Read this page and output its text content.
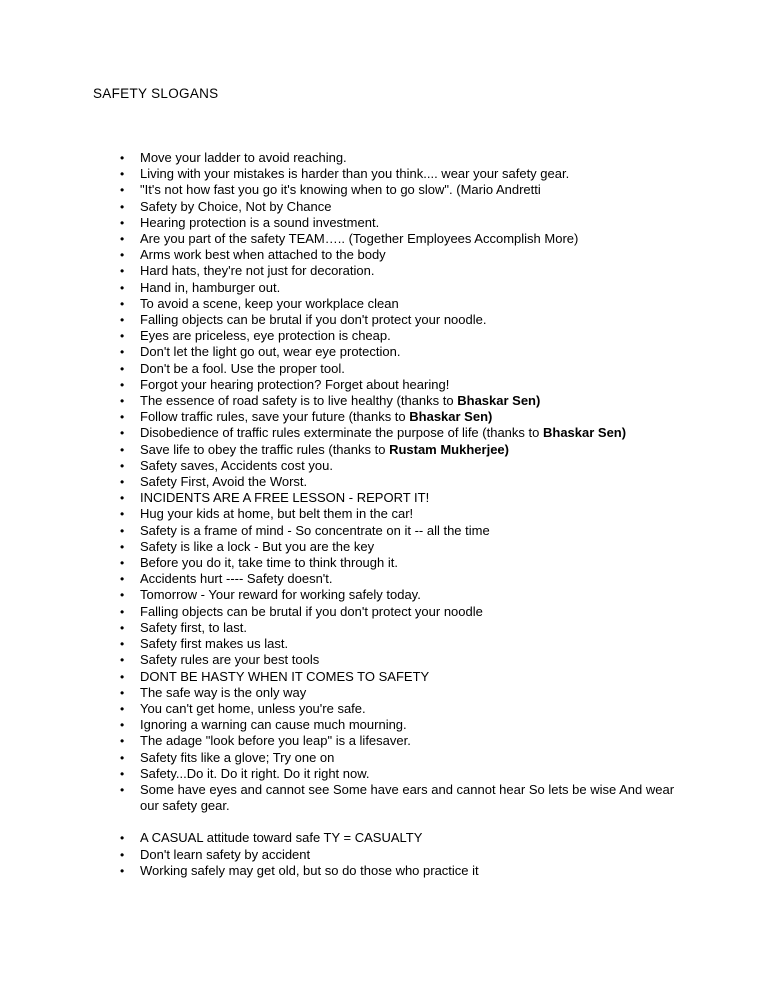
SAFETY SLOGANS
• Move your ladder to avoid reaching.
• Living with your mistakes is harder than you think.... wear your safety gear.
• "It's not how fast you go it's knowing when to go slow". (Mario Andretti
• Safety by Choice, Not by Chance
• Hearing protection is a sound investment.
• Are you part of the safety TEAM….. (Together Employees Accomplish More)
• Arms work best when attached to the body
• Hard hats, they're not just for decoration.
• Hand in, hamburger out.
• To avoid a scene, keep your workplace clean
• Falling objects can be brutal if you don't protect your noodle.
• Eyes are priceless, eye protection is cheap.
• Don't let the light go out, wear eye protection.
• Don't be a fool. Use the proper tool.
• Forgot your hearing protection? Forget about hearing!
• The essence of road safety is to live healthy (thanks to Bhaskar Sen)
• Follow traffic rules, save your future (thanks to Bhaskar Sen)
• Disobedience of traffic rules exterminate the purpose of life (thanks to Bhaskar Sen)
• Save life to obey the traffic rules (thanks to Rustam Mukherjee)
• Safety saves, Accidents cost you.
• Safety First, Avoid the Worst.
• INCIDENTS ARE A FREE LESSON - REPORT IT!
• Hug your kids at home, but belt them in the car!
• Safety is a frame of mind - So concentrate on it -- all the time
• Safety is like a lock - But you are the key
• Before you do it, take time to think through it.
• Accidents hurt ---- Safety doesn't.
• Tomorrow - Your reward for working safely today.
• Falling objects can be brutal if you don't protect your noodle
• Safety first, to last.
• Safety first makes us last.
• Safety rules are your best tools
• DONT BE HASTY WHEN IT COMES TO SAFETY
• The safe way is the only way
• You can't get home, unless you're safe.
• Ignoring a warning can cause much mourning.
• The adage "look before you leap" is a lifesaver.
• Safety fits like a glove; Try one on
• Safety...Do it. Do it right. Do it right now.
• Some have eyes and cannot see Some have ears and cannot hear So lets be wise And wear our safety gear.
• A CASUAL attitude toward safe TY = CASUALTY
• Don't learn safety by accident
• Working safely may get old, but so do those who practice it
